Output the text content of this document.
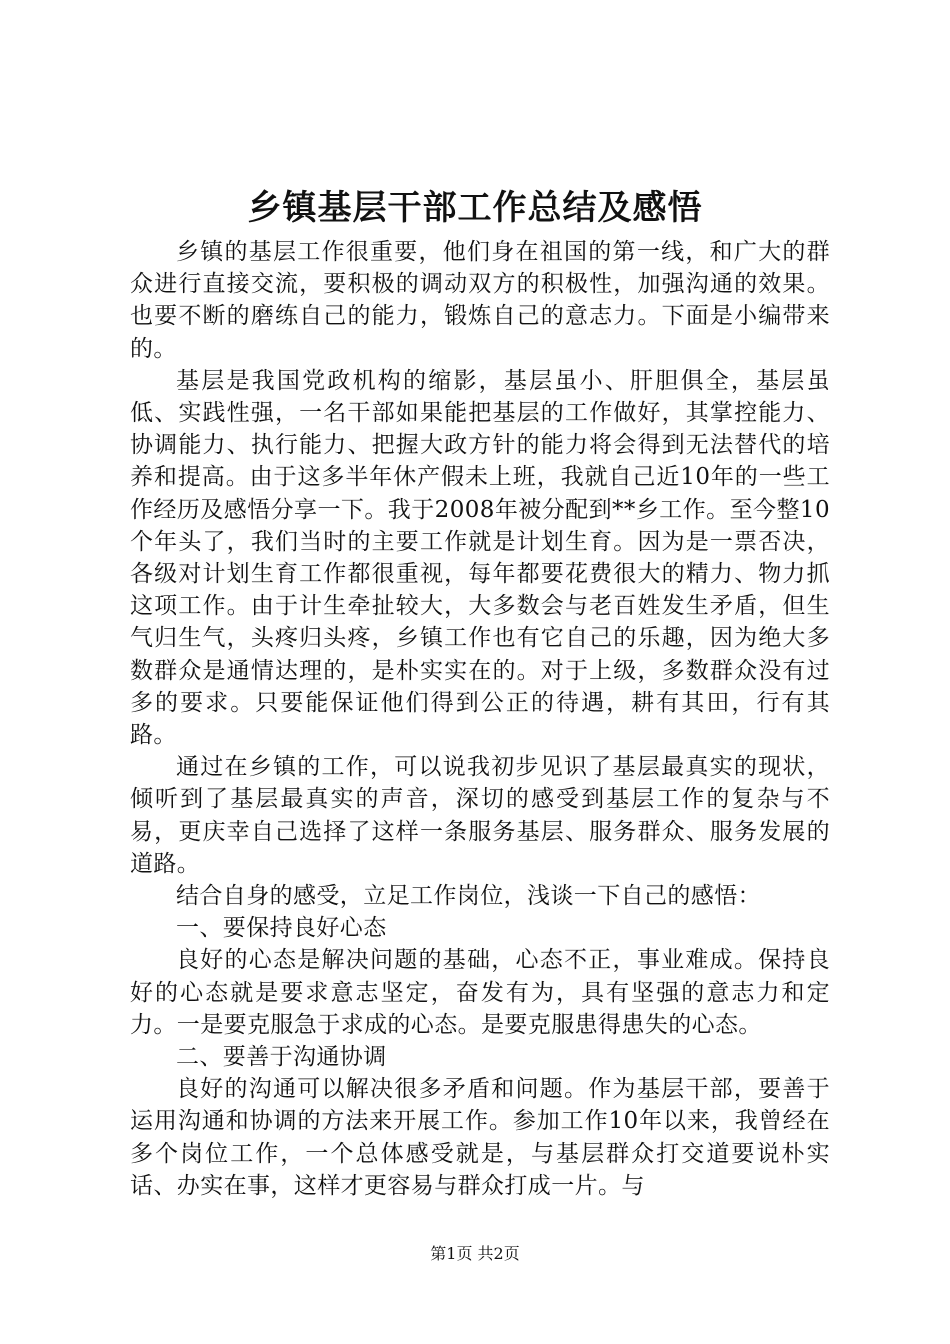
乡镇基层干部工作总结及感悟

乡镇的基层工作很重要，他们身在祖国的第一线，和广大的群众进行直接交流，要积极的调动双方的积极性，加强沟通的效果。也要不断的磨练自己的能力，锻炼自己的意志力。下面是小编带来的。

基层是我国党政机构的缩影，基层虽小、肝胆俱全，基层虽低、实践性强，一名干部如果能把基层的工作做好，其掌控能力、协调能力、执行能力、把握大政方针的能力将会得到无法替代的培养和提高。由于这多半年休产假未上班，我就自己近10年的一些工作经历及感悟分享一下。我于2008年被分配到**乡工作。至今整10个年头了，我们当时的主要工作就是计划生育。因为是一票否决，各级对计划生育工作都很重视，每年都要花费很大的精力、物力抓这项工作。由于计生牵扯较大，大多数会与老百姓发生矛盾，但生气归生气，头疼归头疼，乡镇工作也有它自己的乐趣，因为绝大多数群众是通情达理的，是朴实实在的。对于上级，多数群众没有过多的要求。只要能保证他们得到公正的待遇，耕有其田，行有其路。

通过在乡镇的工作，可以说我初步见识了基层最真实的现状，倾听到了基层最真实的声音，深切的感受到基层工作的复杂与不易，更庆幸自己选择了这样一条服务基层、服务群众、服务发展的道路。

结合自身的感受，立足工作岗位，浅谈一下自己的感悟：

一、要保持良好心态

良好的心态是解决问题的基础，心态不正，事业难成。保持良好的心态就是要求意志坚定，奋发有为，具有坚强的意志力和定力。一是要克服急于求成的心态。是要克服患得患失的心态。

二、要善于沟通协调

良好的沟通可以解决很多矛盾和问题。作为基层干部，要善于运用沟通和协调的方法来开展工作。参加工作10年以来，我曾经在多个岗位工作，一个总体感受就是，与基层群众打交道要说朴实话、办实在事，这样才更容易与群众打成一片。与

第1页 共2页
